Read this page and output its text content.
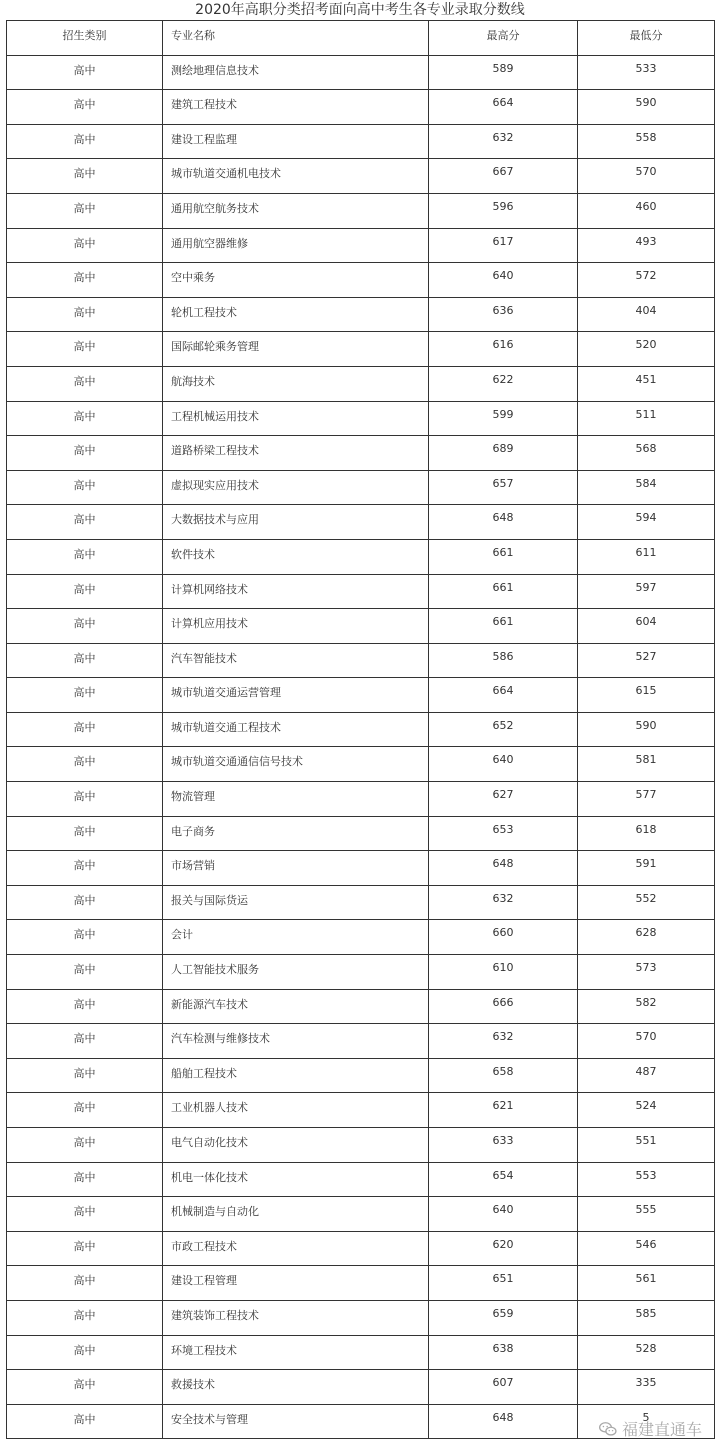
2020年高职分类招考面向高中考生各专业录取分数线
招生类别	专业名称	最高分	最低分

高中	测绘地理信息技术	589	533

高中	建筑工程技术	664	590

高中	建设工程监理	632	558

高中	城市轨道交通机电技术	667	570

高中	通用航空航务技术	596	460

高中	通用航空器维修	617	493

高中	空中乘务	640	572

高中	轮机工程技术	636	404

高中	国际邮轮乘务管理	616	520

高中	航海技术	622	451

高中	工程机械运用技术	599	511

高中	道路桥梁工程技术	689	568

高中	虚拟现实应用技术	657	584

高中	大数据技术与应用	648	594

高中	软件技术	661	611

高中	计算机网络技术	661	597

高中	计算机应用技术	661	604

高中	汽车智能技术	586	527

高中	城市轨道交通运营管理	664	615

高中	城市轨道交通工程技术	652	590

高中	城市轨道交通通信信号技术	640	581

高中	物流管理	627	577

高中	电子商务	653	618

高中	市场营销	648	591

高中	报关与国际货运	632	552

高中	会计	660	628

高中	人工智能技术服务	610	573

高中	新能源汽车技术	666	582

高中	汽车检测与维修技术	632	570

高中	船舶工程技术	658	487

高中	工业机器人技术	621	524

高中	电气自动化技术	633	551

高中	机电一体化技术	654	553

高中	机械制造与自动化	640	555

高中	市政工程技术	620	546

高中	建设工程管理	651	561

高中	建筑装饰工程技术	659	585

高中	环境工程技术	638	528

高中	救援技术	607	335

高中	安全技术与管理	648	5
福建直通车
